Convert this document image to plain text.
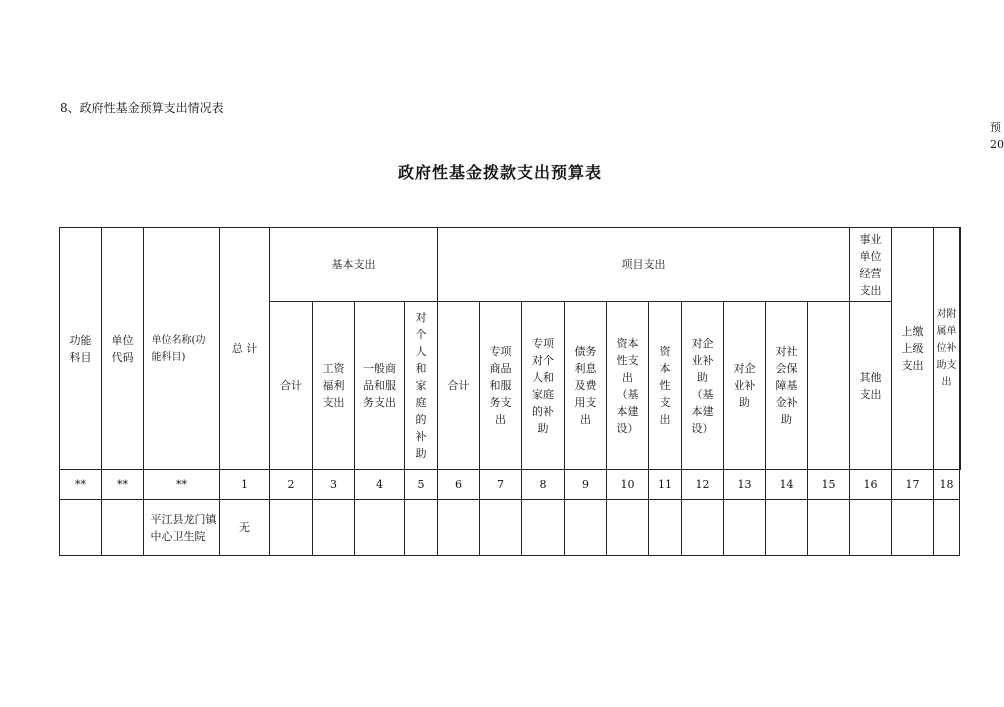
8、政府性基金预算支出情况表
预
20
政府性基金拨款支出预算表
功能科目	单位代码	单位名称(功能科目)	总 计	基本支出				项目支出										事业单位经营支出	上缴上级支出	对附属单位补助支出	
				合计	工资福利支出	一般商品和服务支出	对个人和家庭的补助	合计	专项商品和服务支出	专项对个人和家庭的补助	债务利息及费用支出	资本性支出（基本建设）	资本性支出	对企业补助（基本建设）	对企业补助	对社会保障基金补助		其他支出			
**	**	**	1	2	3	4	5	6	7	8	9	10	11	12	13	14	15	16	17	18	
		平江县龙门镇中心卫生院	无																		
